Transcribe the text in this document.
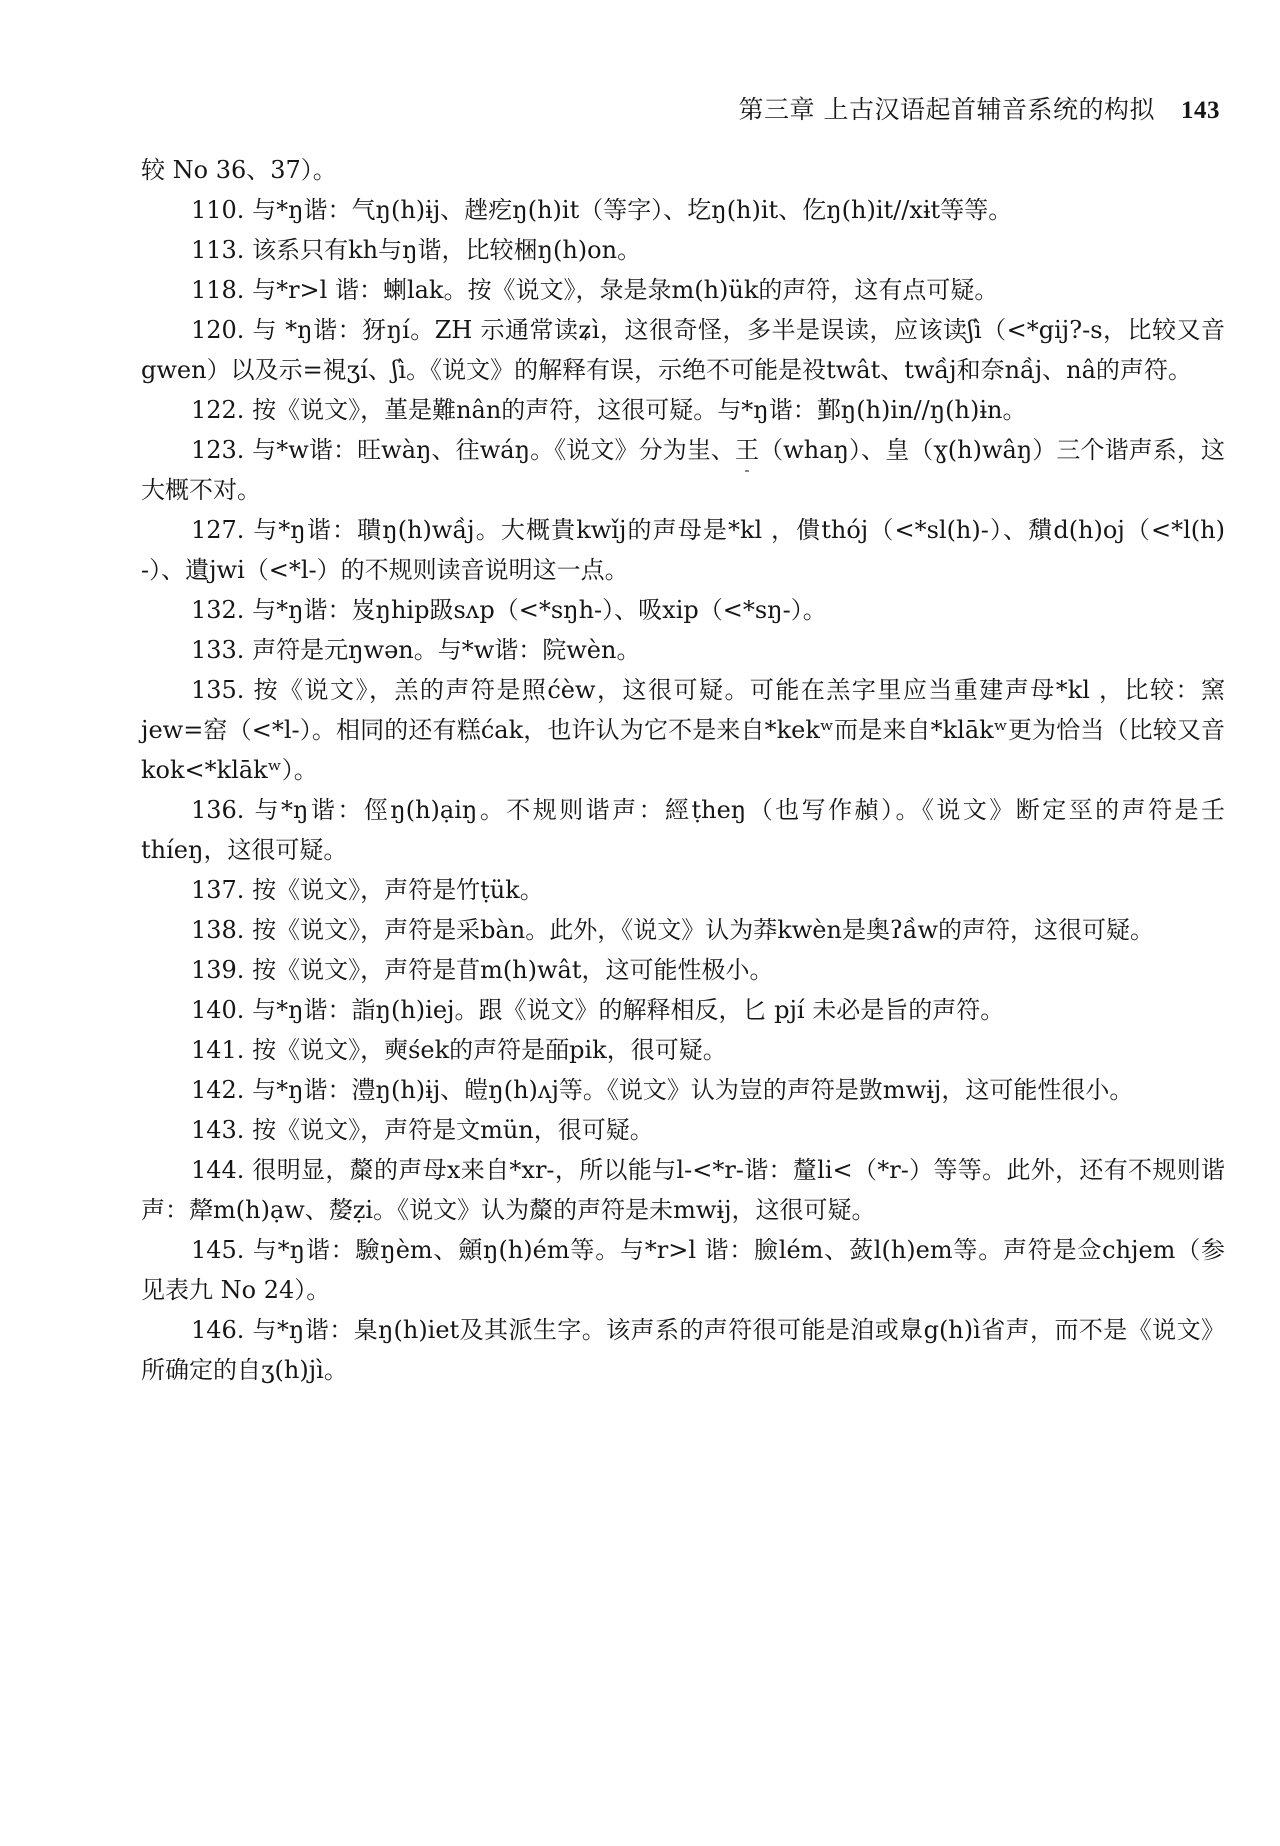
第三章 上古汉语起首辅音系统的构拟 143

较 No 36、37）。

110. 与*ŋ谐：气ŋ(h)ɨj、趖疙ŋ(h)it（等字）、圪ŋ(h)it、仡ŋ(h)it//xɨt等等。

113. 该系只有kh与ŋ谐，比较梱ŋ(h)on。

118. 与*r>l 谐：蝲lak。按《说文》，彔是彔m(h)ük的声符，这有点可疑。

120. 与 *ŋ谐：犽ŋí。ZH 示通常读ʑì，这很奇怪，多半是误读，应该读ʃì（<*gij?-s，比较又音gwen）以及示=視ʒí、ʃì。《说文》的解释有误，示绝不可能是祋twât、twầj和奈nầj、nâ的声符。

122. 按《说文》，堇是難nân的声符，这很可疑。与*ŋ谐：鄞ŋ(h)in//ŋ(h)ɨn。

123. 与*w谐：旺wàŋ、往wáŋ。《说文》分为㞷、王（whaŋ）、皇（ɣ(h)wâŋ）三个谐声系，这大概不对。

127. 与*ŋ谐：聵ŋ(h)wầj。大概貴kwǐj的声母是*kl ，僓thój（<*sl(h)-）、穨d(h)oj（<*l(h) -）、遺jwi（<*l-）的不规则读音说明这一点。

132. 与*ŋ谐：岌ŋhip趿sʌp（<*sŋh-）、吸xip（<*sŋ-）。

133. 声符是元ŋwən。与*w谐：院wèn。

135. 按《说文》，羔的声符是照ćèw，这很可疑。可能在羔字里应当重建声母*kl ，比较：窯jew=窑（<*l-）。相同的还有糕ćak，也许认为它不是来自*kekʷ而是来自*klākʷ更为恰当（比较又音kok<*klākʷ）。

136. 与*ŋ谐：俓ŋ(h)ạiŋ。不规则谐声：經ṭheŋ（也写作赬）。《说文》断定巠的声符是壬thíeŋ，这很可疑。

137. 按《说文》，声符是竹ṭük。

138. 按《说文》，声符是采bàn。此外，《说文》认为莽kwèn是奥ʔầw的声符，这很可疑。

139. 按《说文》，声符是苜m(h)wât，这可能性极小。

140. 与*ŋ谐：詣ŋ(h)iej。跟《说文》的解释相反，匕 pjí 未必是旨的声符。

141. 按《说文》，奭śek的声符是皕pik，很可疑。

142. 与*ŋ谐：澧ŋ(h)ɨj、皚ŋ(h)ʌj等。《说文》认为豈的声符是敳mwɨj，这可能性很小。

143. 按《说文》，声符是文mün，很可疑。

144. 很明显，斄的声母x来自*xr-，所以能与l-<*r-谐：釐li<（*r-）等等。此外，还有不规则谐声：犛m(h)ạw、嫠ẓi。《说文》认为斄的声符是未mwɨj，这很可疑。

145. 与*ŋ谐：驗ŋèm、顩ŋ(h)ém等。与*r>l 谐：臉lém、蔹l(h)em等。声符是佥chjem（参见表九 No 24）。

146. 与*ŋ谐：臬ŋ(h)iet及其派生字。该声系的声符很可能是洎或臮g(h)ì省声，而不是《说文》所确定的自ʒ(h)jì。
